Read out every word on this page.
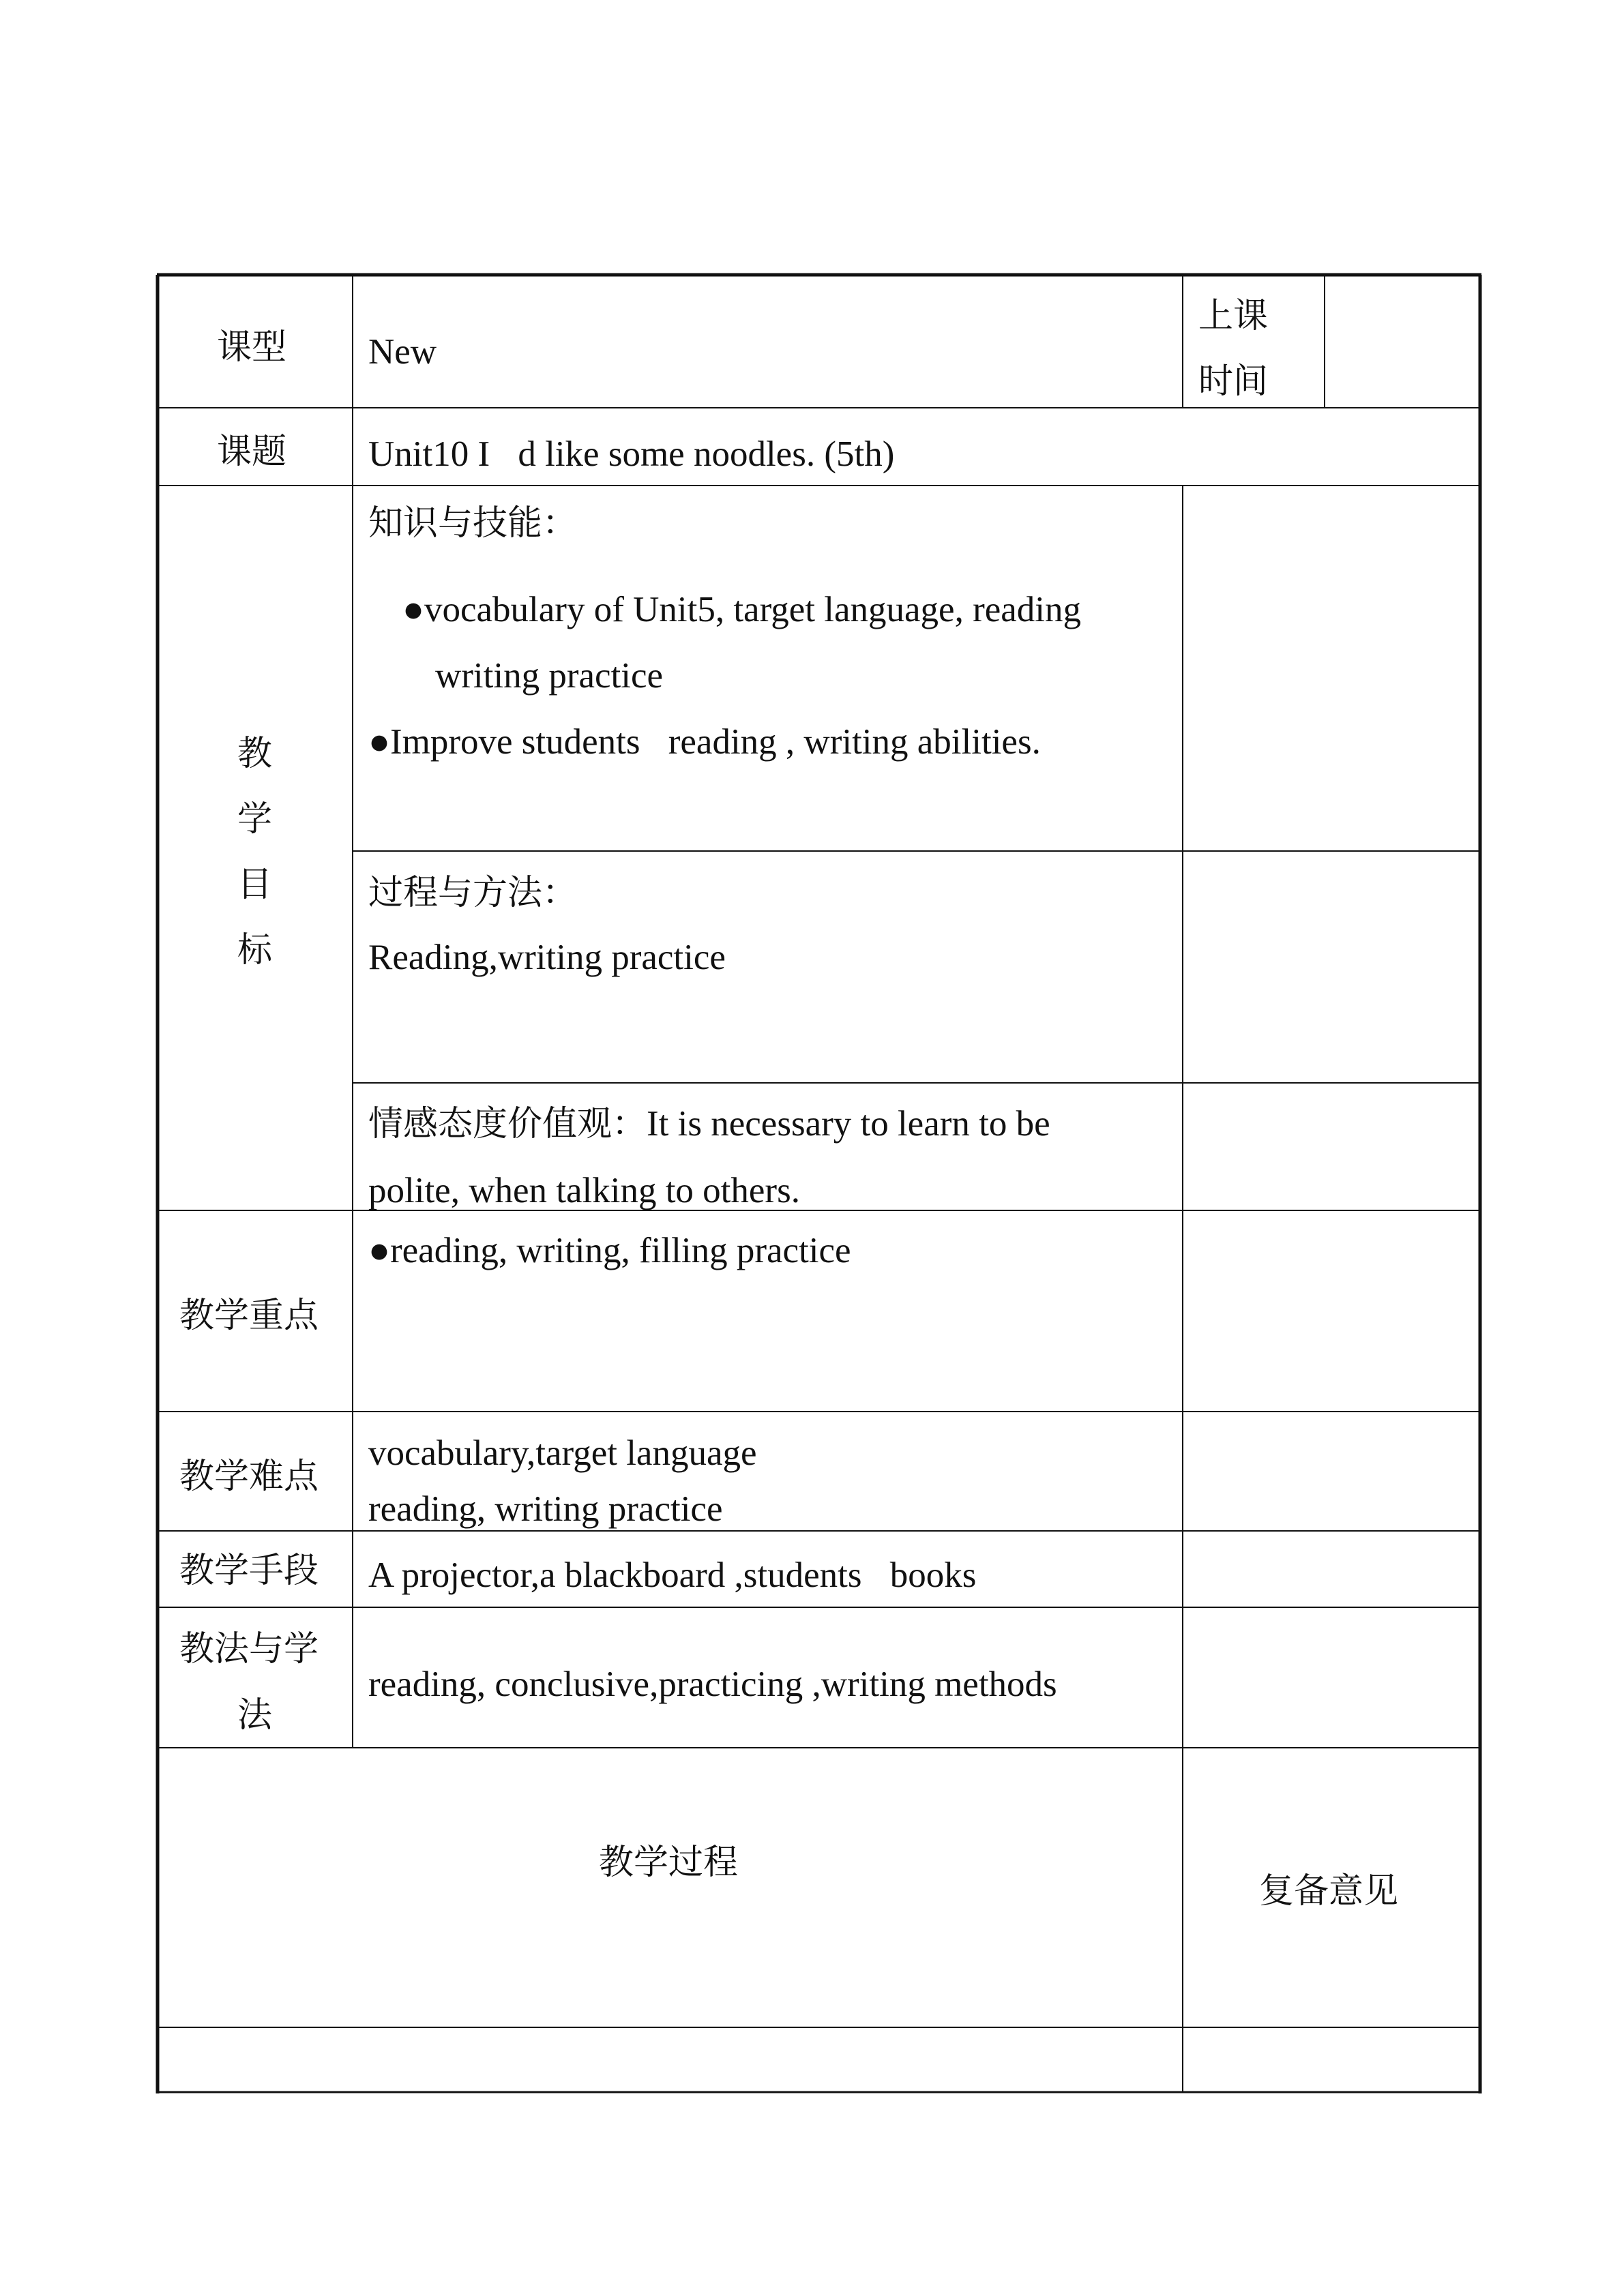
课型 New
上课
时间
课题 Unit10 I d like some noodles. (5th)
教
学
目
标
知识与技能：
●vocabulary of Unit5, target language, reading
writing practice
●Improve students reading , writing abilities.
过程与方法：
Reading,writing practice
情感态度价值观：It is necessary to learn to be
polite, when talking to others.
教学重点
●reading, writing, filling practice
教学难点
vocabulary,target language
reading, writing practice
教学手段 A projector,a blackboard ,students books
教法与学
法
reading, conclusive,practicing ,writing methods
教学过程
复备意见
